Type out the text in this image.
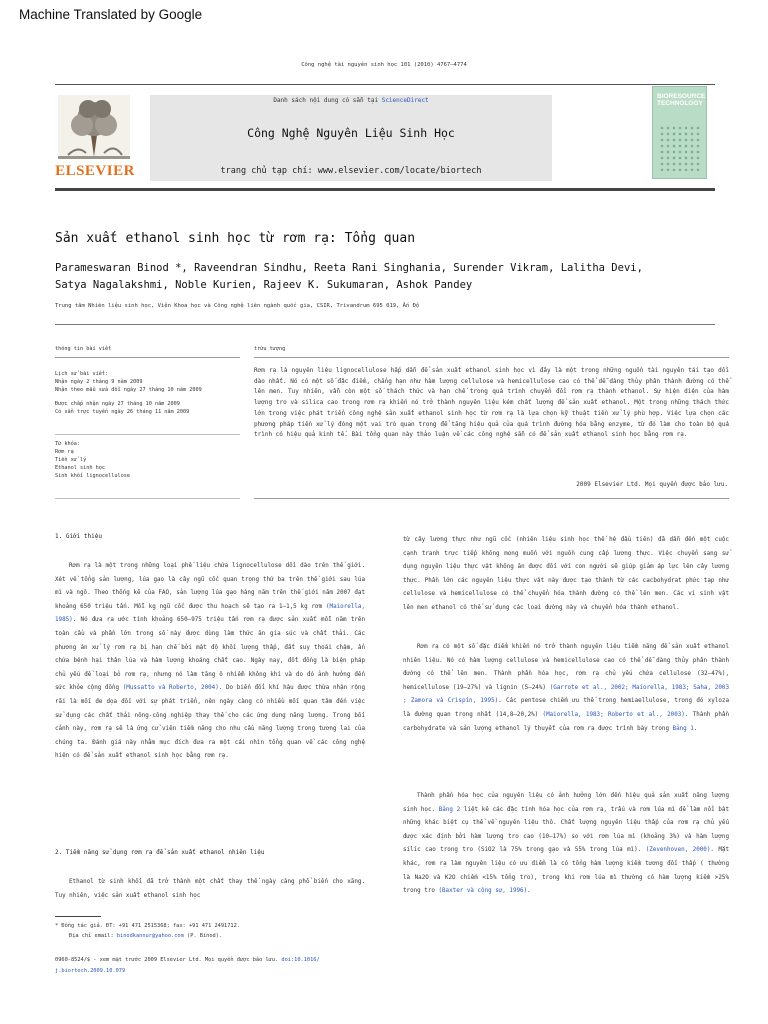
Machine Translated by Google
Công nghệ tài nguyên sinh học 101 (2010) 4767–4774
ELSEVIER
Danh sách nội dung có sẵn tại ScienceDirect
Công Nghệ Nguyên Liệu Sinh Học
trang chủ tạp chí: www.elsevier.com/locate/biortech
BIORESOURCE TECHNOLOGY
Sản xuất ethanol sinh học từ rơm rạ: Tổng quan
Parameswaran Binod *, Raveendran Sindhu, Reeta Rani Singhania, Surender Vikram, Lalitha Devi, Satya Nagalakshmi, Noble Kurien, Rajeev K. Sukumaran, Ashok Pandey
Trung tâm Nhiên liệu sinh học, Viện Khoa học và Công nghệ liên ngành quốc gia, CSIR, Trivandrum 695 019, Ấn Độ
thông tin bài viết	trừu tượng
Lịch sử bài viết:
Nhận ngày 2 tháng 9 năm 2009
Nhận theo mẫu sửa đổi ngày 27 tháng 10 năm 2009
Được chấp nhận ngày 27 tháng 10 năm 2009
Có sẵn trực tuyến ngày 26 tháng 11 năm 2009
Từ khóa:
Rơm rạ
Tiền xử lý
Ethanol sinh học
Sinh khối lignocellulose
Rơm rạ là nguyên liệu lignocellulose hấp dẫn để sản xuất ethanol sinh học vì đây là một trong những nguồn tài nguyên tái tạo dồi dào nhất. Nó có một số đặc điểm, chẳng hạn như hàm lượng cellulose và hemicellulose cao có thể dễ dàng thủy phân thành đường có thể lên men. Tuy nhiên, vẫn còn một số thách thức và hạn chế trong quá trình chuyển đổi rơm rạ thành ethanol. Sự hiện diện của hàm lượng tro và silica cao trong rơm rạ khiến nó trở thành nguyên liệu kém chất lượng để sản xuất ethanol. Một trong những thách thức lớn trong việc phát triển công nghệ sản xuất ethanol sinh học từ rơm rạ là lựa chọn kỹ thuật tiền xử lý phù hợp. Việc lựa chọn các phương pháp tiền xử lý đóng một vai trò quan trọng để tăng hiệu quả của quá trình đường hóa bằng enzyme, từ đó làm cho toàn bộ quá trình có hiệu quả kinh tế. Bài tổng quan này thảo luận về các công nghệ sẵn có để sản xuất ethanol sinh học bằng rơm rạ.
2009 Elsevier Ltd. Mọi quyền được bảo lưu.
1. Giới thiệu
Rơm rạ là một trong những loại phế liệu chứa lignocellulose dồi dào trên thế giới. Xét về tổng sản lượng, lúa gạo là cây ngũ cốc quan trọng thứ ba trên thế giới sau lúa mì và ngô. Theo thống kê của FAO, sản lượng lúa gạo hàng năm trên thế giới năm 2007 đạt khoảng 650 triệu tấn. Mỗi kg ngũ cốc được thu hoạch sẽ tạo ra 1–1,5 kg rơm (Maiorella, 1985). Nó đưa ra ước tính khoảng 650–975 triệu tấn rơm rạ được sản xuất mỗi năm trên toàn cầu và phần lớn trong số này được dùng làm thức ăn gia súc và chất thải. Các phương án xử lý rơm rạ bị hạn chế bởi mật độ khối lượng thấp, đất suy thoái chậm, ẩn chứa bệnh hại thân lúa và hàm lượng khoáng chất cao. Ngày nay, đốt đồng là biện pháp chủ yếu để loại bỏ rơm rạ, nhưng nó làm tăng ô nhiễm không khí và do đó ảnh hưởng đến sức khỏe cộng đồng (Mussatto và Roberto, 2004). Do biến đổi khí hậu được thừa nhận rộng rãi là mối đe dọa đối với sự phát triển, nên ngày càng có nhiều mối quan tâm đến việc sử dụng các chất thải nông-công nghiệp thay thế cho các ứng dụng năng lượng. Trong bối cảnh này, rơm rạ sẽ là ứng cử viên tiềm năng cho nhu cầu năng lượng trong tương lai của chúng ta. Đánh giá này nhằm mục đích đưa ra một cái nhìn tổng quan về các công nghệ hiện có để sản xuất ethanol sinh học bằng rơm rạ.
2. Tiềm năng sử dụng rơm rạ để sản xuất ethanol nhiên liệu
Ethanol từ sinh khối đã trở thành một chất thay thế ngày càng phổ biến cho xăng. Tuy nhiên, việc sản xuất ethanol sinh học
* Đồng tác giả. ĐT: +91 471 2515368; fax: +91 471 2491712.
Địa chỉ email: binodkannur@yahoo.com (P. Binod).
0960-8524/$ - xem mặt trước 2009 Elsevier Ltd. Mọi quyền được bảo lưu. doi:10.1016/
j.biortech.2009.10.079
từ cây lương thực như ngũ cốc (nhiên liệu sinh học thế hệ đầu tiên) đã dẫn đến một cuộc cạnh tranh trực tiếp không mong muốn với nguồn cung cấp lương thực. Việc chuyển sang sử dụng nguyên liệu thực vật không ăn được đối với con người sẽ giúp giảm áp lực lên cây lương thực. Phần lớn các nguyên liệu thực vật này được tạo thành từ các cacbohydrat phức tạp như cellulose và hemicellulose có thể chuyển hóa thành đường có thể lên men. Các vi sinh vật lên men ethanol có thể sử dụng các loại đường này và chuyển hóa thành ethanol.
Rơm rạ có một số đặc điểm khiến nó trở thành nguyên liệu tiềm năng để sản xuất ethanol nhiên liệu. Nó có hàm lượng cellulose và hemicellulose cao có thể dễ dàng thủy phân thành đường có thể lên men. Thành phần hóa học, rơm rạ chủ yếu chứa cellulose (32–47%), hemicellulose (19–27%) và lignin (5–24%) (Garrote et al., 2002; Maiorella, 1983; Saha, 2003 ; Zamora và Crispín, 1995). Các pentose chiếm ưu thế trong hemiaellulose, trong đó xyloza là đường quan trọng nhất (14,8–20,2%) (Maiorella, 1983; Roberto et al., 2003). Thành phần carbohydrate và sản lượng ethanol lý thuyết của rơm rạ được trình bày trong Bảng 1.
Thành phần hóa học của nguyên liệu có ảnh hưởng lớn đến hiệu quả sản xuất năng lượng sinh học. Bảng 2 liệt kê các đặc tính hóa học của rơm rạ, trấu và rơm lúa mì để làm nổi bật những khác biệt cụ thể về nguyên liệu thô. Chất lượng nguyên liệu thấp của rơm rạ chủ yếu được xác định bởi hàm lượng tro cao (10–17%) so với rơm lúa mì (khoảng 3%) và hàm lượng silic cao trong tro (SiO2 là 75% trong gạo và 55% trong lúa mì). (Zevenhoven, 2000). Mặt khác, rơm rạ làm nguyên liệu có ưu điểm là có tổng hàm lượng kiềm tương đối thấp ( thường là Na2O và K2O chiếm <15% tổng tro), trong khi rơm lúa mì thường có hàm lượng kiềm >25% trong tro (Baxter và cộng sự, 1996).
